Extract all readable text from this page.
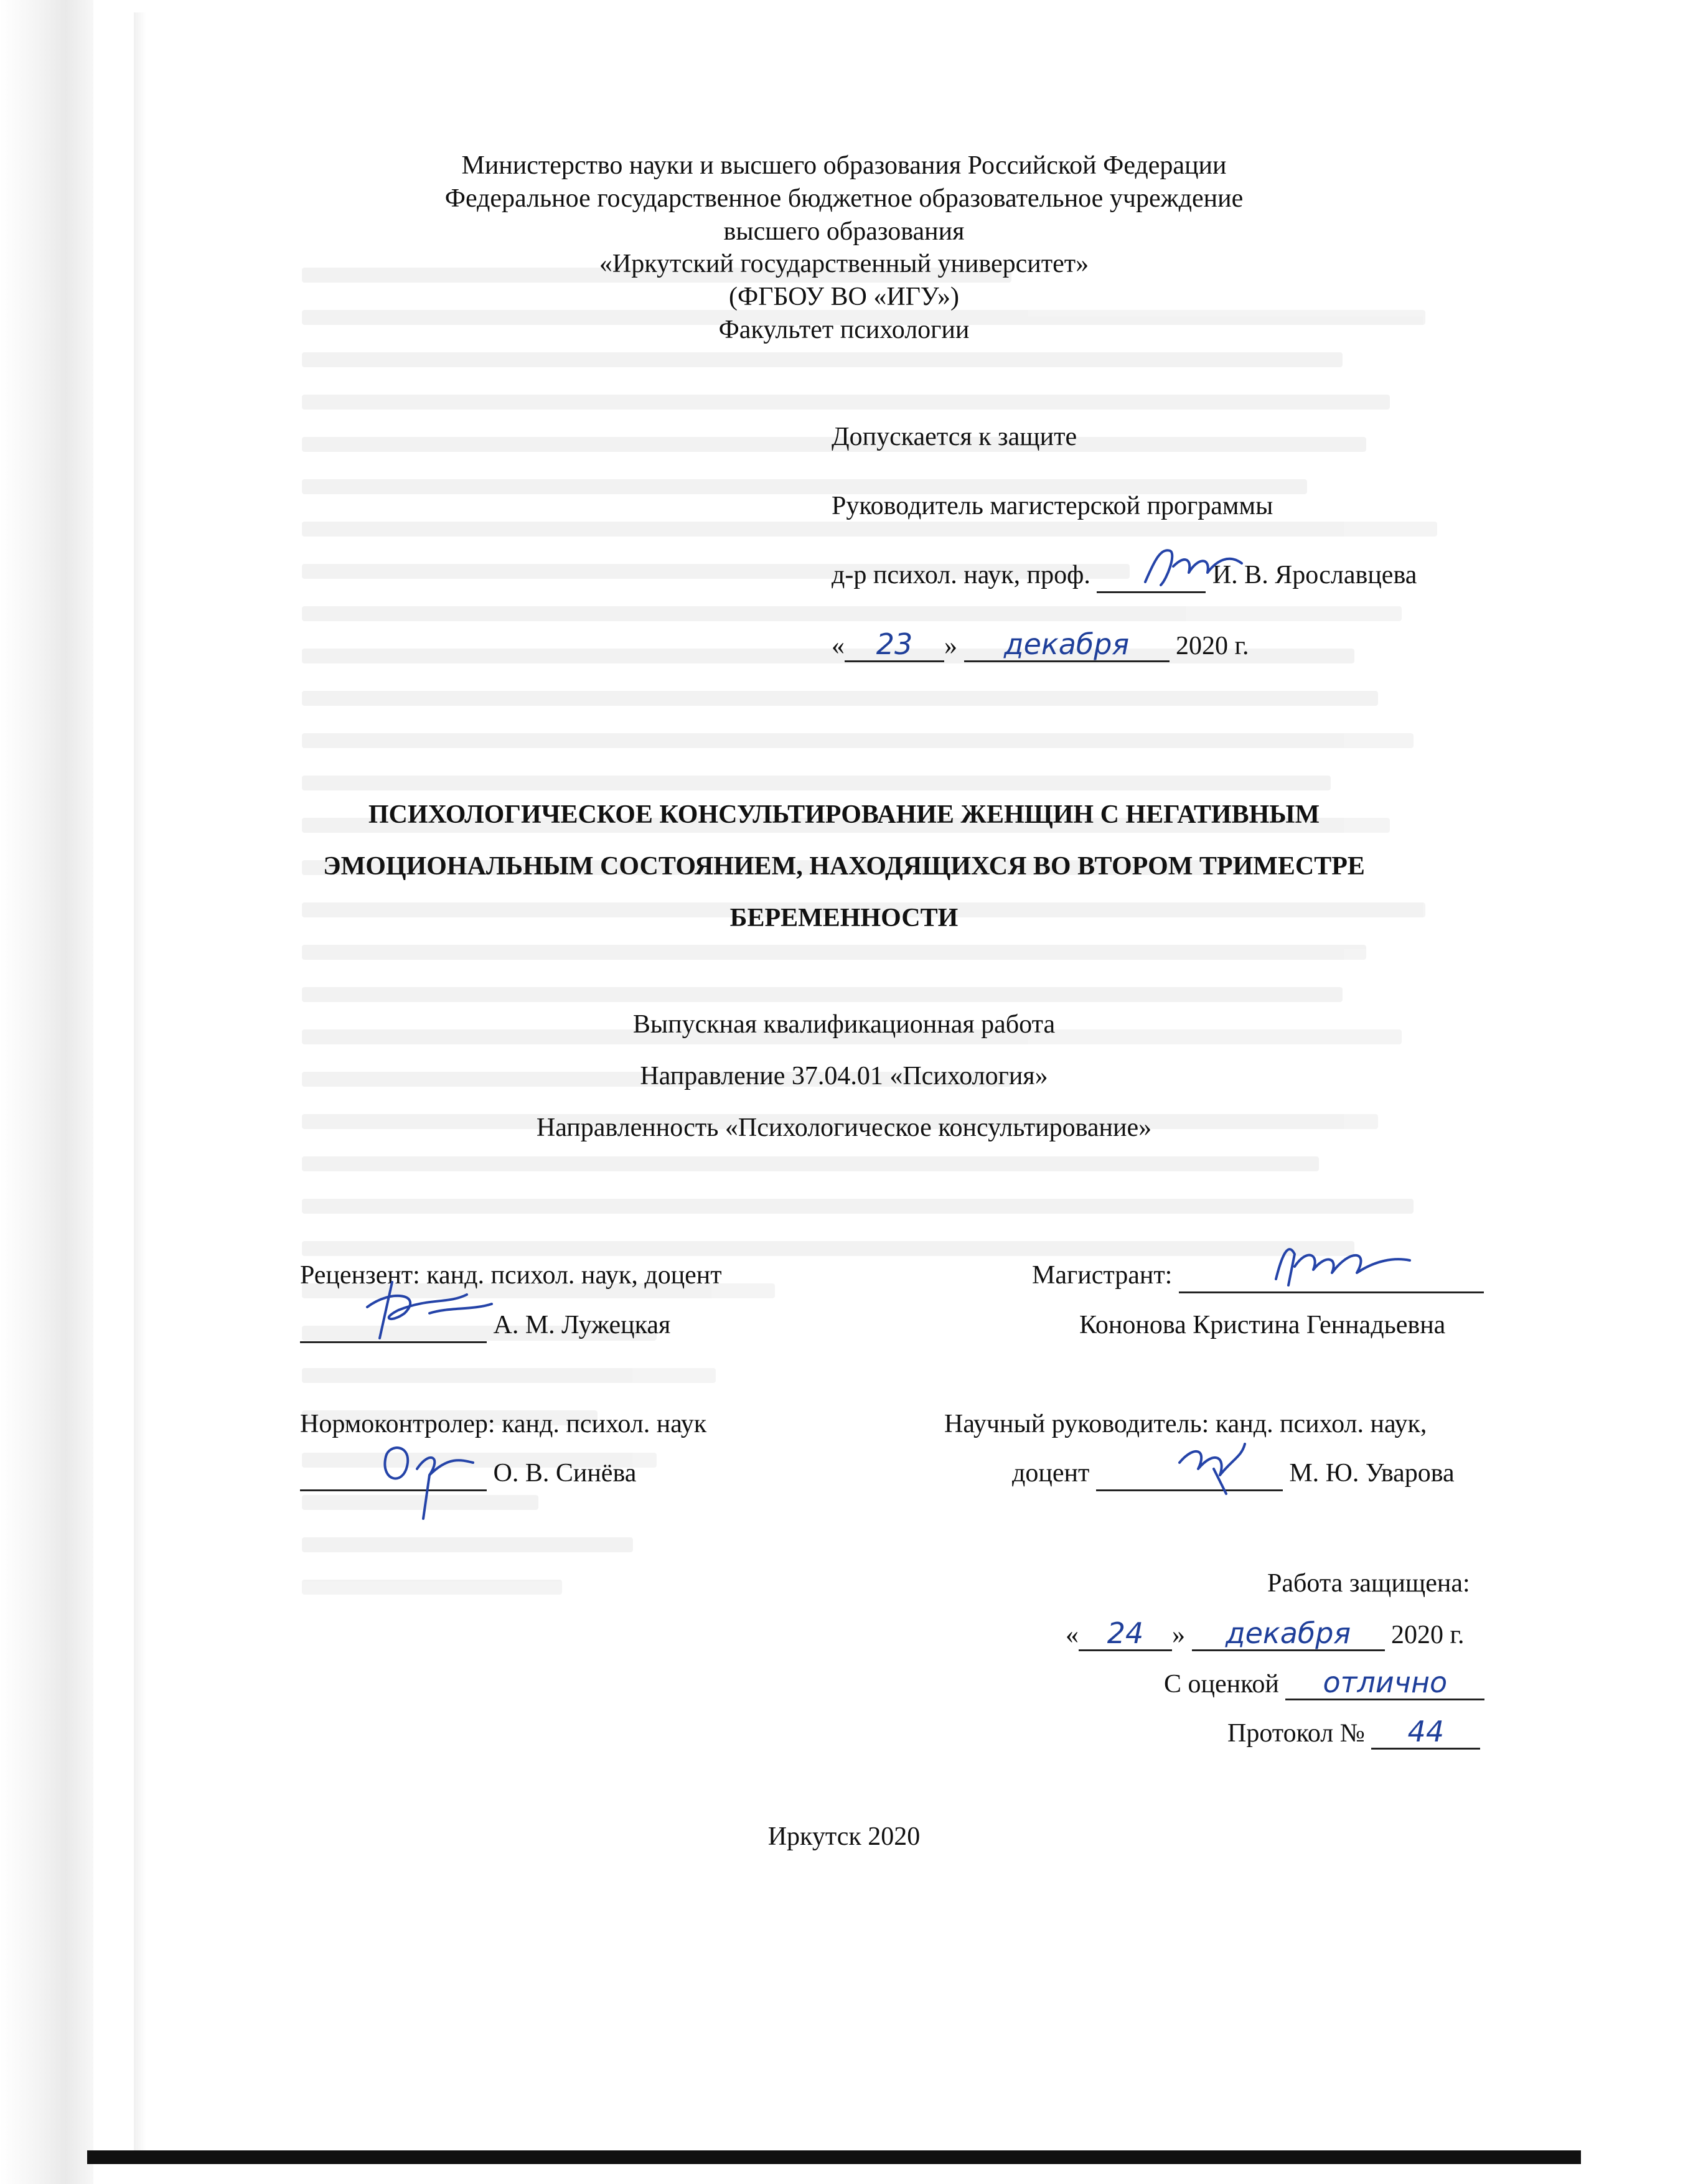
Министерство науки и высшего образования Российской Федерации
Федеральное государственное бюджетное образовательное учреждение
высшего образования
«Иркутский государственный университет»
(ФГБОУ ВО «ИГУ»)
Факультет психологии
Допускается к защите
Руководитель магистерской программы
д-р психол. наук, проф.	И. В. Ярославцева
« 23 » декабря 2020 г.
ПСИХОЛОГИЧЕСКОЕ КОНСУЛЬТИРОВАНИЕ ЖЕНЩИН С НЕГАТИВНЫМ
ЭМОЦИОНАЛЬНЫМ СОСТОЯНИЕМ, НАХОДЯЩИХСЯ ВО ВТОРОМ ТРИМЕСТРЕ
БЕРЕМЕННОСТИ
Выпускная квалификационная работа
Направление 37.04.01 «Психология»
Направленность «Психологическое консультирование»
Рецензент: канд. психол. наук, доцент
А. М. Лужецкая
Магистрант:
Кононова Кристина Геннадьевна
Нормоконтролер: канд. психол. наук
О. В. Синёва
Научный руководитель: канд. психол. наук,
доцент	М. Ю. Уварова
Работа защищена:
« 24 » декабря 2020 г.
С оценкой отлично
Протокол № 44
Иркутск 2020
